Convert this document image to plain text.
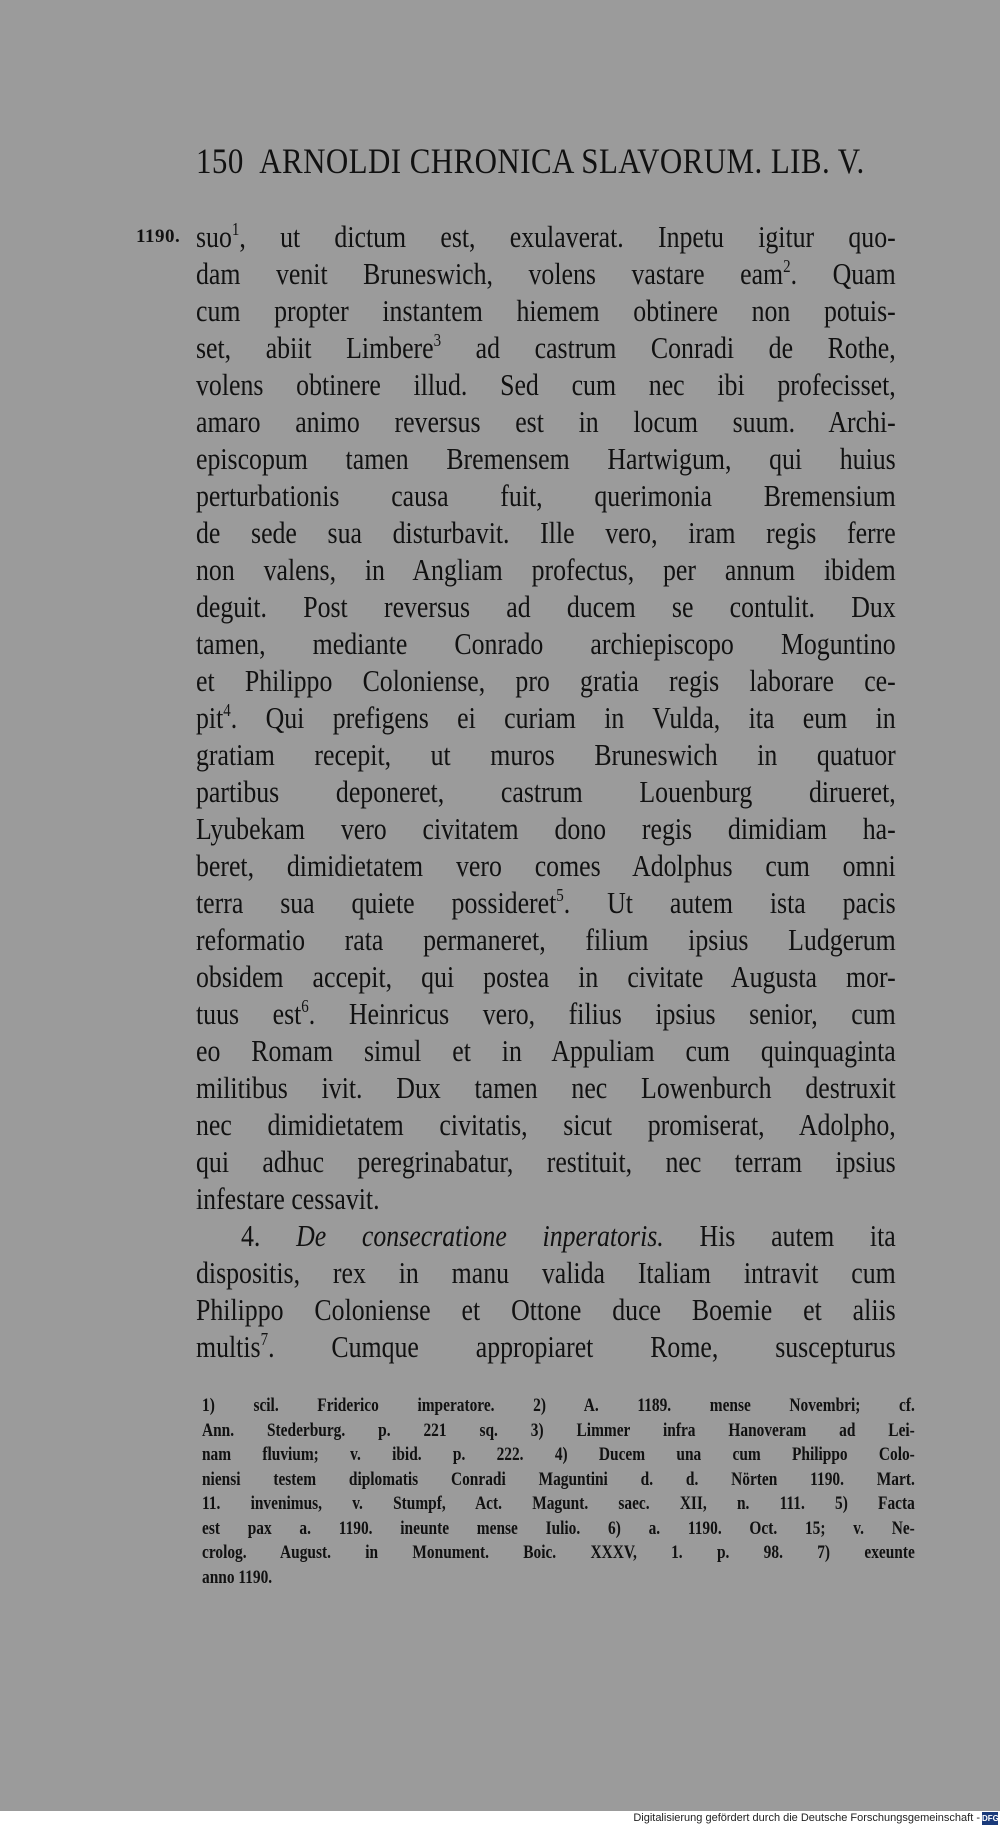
150 ARNOLDI CHRONICA SLAVORUM. LIB. V.
1190. suo$^1$, ut dictum est, exulaverat. Inpetu igitur quo-
dam venit Bruneswich, volens vastare eam$^2$. Quam
cum propter instantem hiemem obtinere non potuis-
set, abiit Limbere$^3$ ad castrum Conradi de Rothe,
volens obtinere illud. Sed cum nec ibi profecisset,
amaro animo reversus est in locum suum. Archi-
episcopum tamen Bremensem Hartwigum, qui huius
perturbationis causa fuit, querimonia Bremensium
de sede sua disturbavit. Ille vero, iram regis ferre
non valens, in Angliam profectus, per annum ibidem
deguit. Post reversus ad ducem se contulit. Dux
tamen, mediante Conrado archiepiscopo Moguntino
et Philippo Coloniense, pro gratia regis laborare ce-
pit$^4$. Qui prefigens ei curiam in Vulda, ita eum in
gratiam recepit, ut muros Bruneswich in quatuor
partibus deponeret, castrum Louenburg dirueret,
Lyubekam vero civitatem dono regis dimidiam ha-
beret, dimidietatem vero comes Adolphus cum omni
terra sua quiete possideret$^5$. Ut autem ista pacis
reformatio rata permaneret, filium ipsius Ludgerum
obsidem accepit, qui postea in civitate Augusta mor-
tuus est$^6$. Heinricus vero, filius ipsius senior, cum
eo Romam simul et in Appuliam cum quinquaginta
militibus ivit. Dux tamen nec Lowenburch destruxit
nec dimidietatem civitatis, sicut promiserat, Adolpho,
qui adhuc peregrinabatur, restituit, nec terram ipsius
infestare cessavit.
4. De consecratione inperatoris. His autem ita
dispositis, rex in manu valida Italiam intravit cum
Philippo Coloniense et Ottone duce Boemie et aliis
multis$^7$. Cumque appropiaret Rome, suscepturus
1) scil. Friderico imperatore. 2) A. 1189. mense Novembri; cf.
Ann. Stederburg. p. 221 sq. 3) Limmer infra Hanoveram ad Lei-
nam fluvium; v. ibid. p. 222. 4) Ducem una cum Philippo Colo-
niensi testem diplomatis Conradi Maguntini d. d. Nörten 1190. Mart.
11. invenimus, v. Stumpf, Act. Magunt. saec. XII, n. 111. 5) Facta
est pax a. 1190. ineunte mense Iulio. 6) a. 1190. Oct. 15; v. Ne-
crolog. August. in Monument. Boic. XXXV, 1. p. 98. 7) exeunte
anno 1190.
Digitalisierung gefördert durch die Deutsche Forschungsgemeinschaft - DFG
